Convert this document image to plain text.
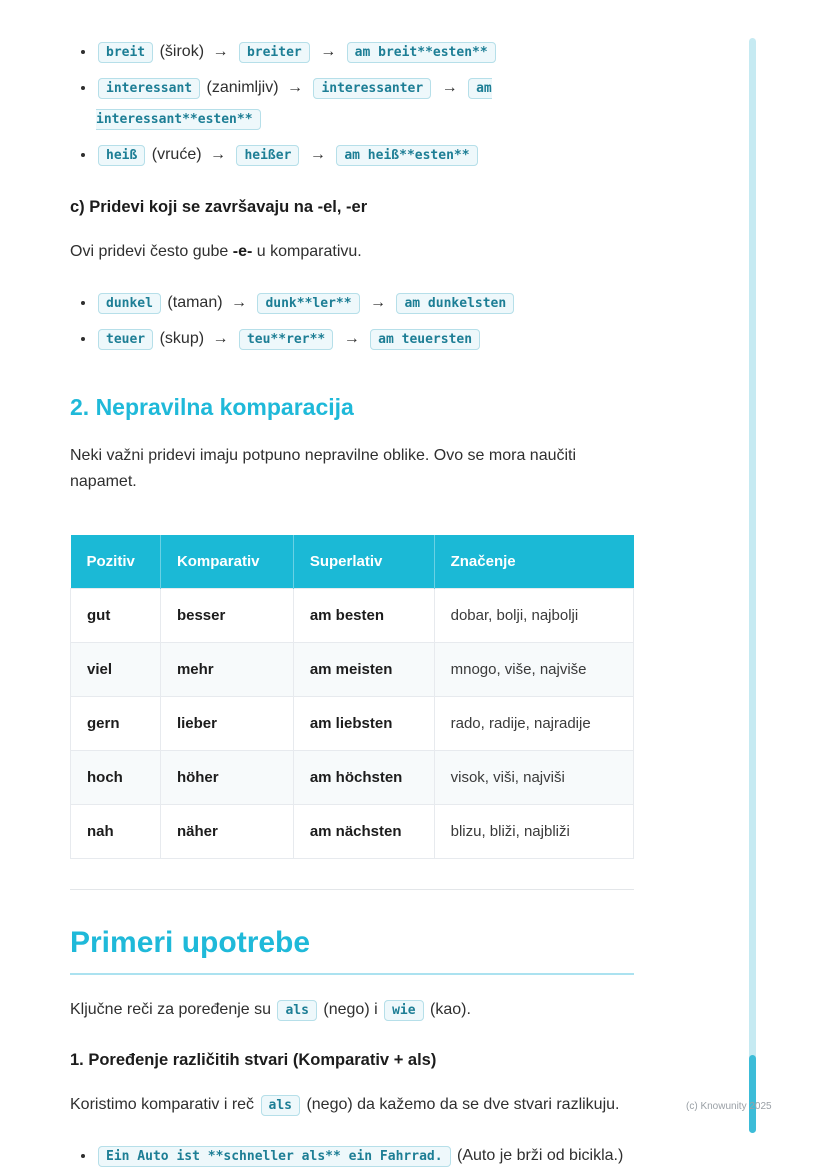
• breit (širok) → breiter → am breit**esten**
• interessant (zanimljiv) → interessanter → am interessant**esten**
• heiß (vruće) → heißer → am heiß**esten**
c) Pridevi koji se završavaju na -el, -er

Ovi pridevi često gube -e- u komparativu.

• dunkel (taman) → dunk**ler** → am dunkelsten
• teuer (skup) → teu**rer** → am teuersten
2. Nepravilna komparacija

Neki važni pridevi imaju potpuno nepravilne oblike. Ovo se mora naučiti napamet.

Pozitiv	Komparativ	Superlativ	Značenje
gut	besser	am besten	dobar, bolji, najbolji
viel	mehr	am meisten	mnogo, više, najviše
gern	lieber	am liebsten	rado, radije, najradije
hoch	höher	am höchsten	visok, viši, najviši
nah	näher	am nächsten	blizu, bliži, najbliži
Primeri upotrebe

Ključne reči za poređenje su als (nego) i wie (kao).

1. Poređenje različitih stvari (Komparativ + als)

Koristimo komparativ i reč als (nego) da kažemo da se dve stvari razlikuju.

• Ein Auto ist **schneller als** ein Fahrrad. (Auto je brži od bicikla.)
(c) Knowunity 2025
